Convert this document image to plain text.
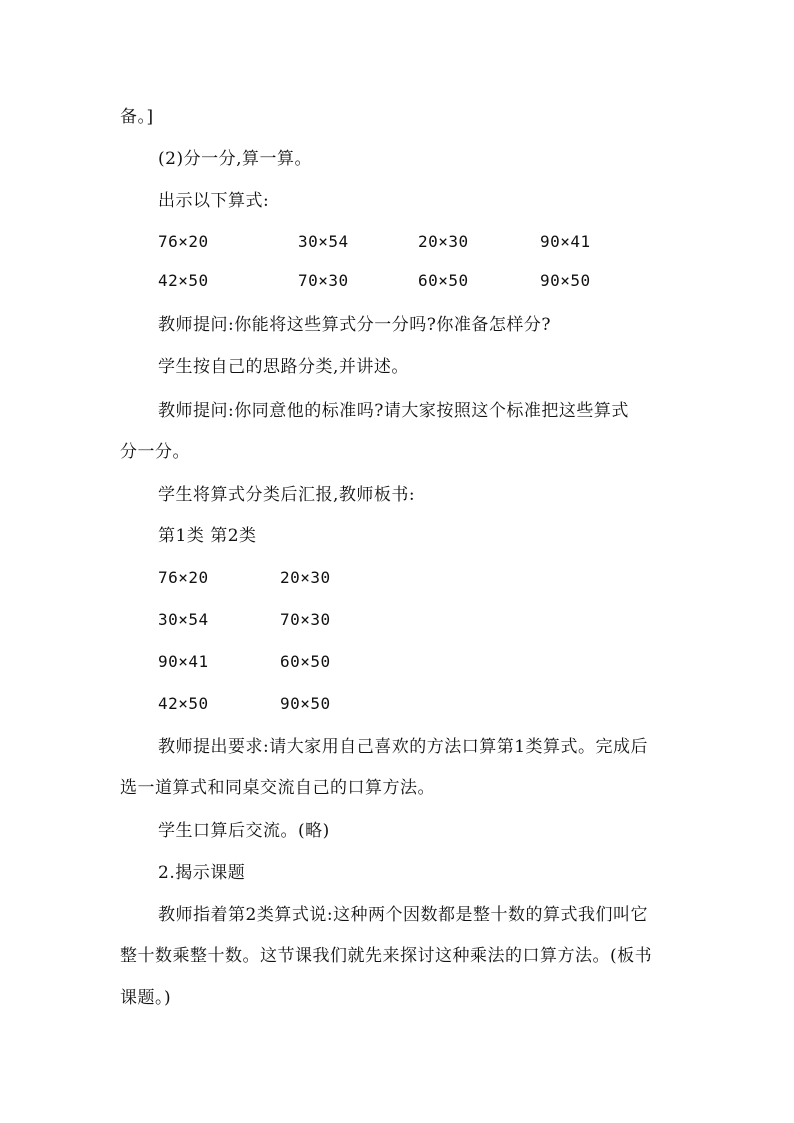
备。]
(2)分一分,算一算。
出示以下算式:
76×20	30×54	20×30	90×41
42×50	70×30	60×50	90×50
教师提问:你能将这些算式分一分吗?你准备怎样分?
学生按自己的思路分类,并讲述。
教师提问:你同意他的标准吗?请大家按照这个标准把这些算式
分一分。
学生将算式分类后汇报,教师板书:
第1类 第2类
76×20	20×30
30×54	70×30
90×41	60×50
42×50	90×50
教师提出要求:请大家用自己喜欢的方法口算第1类算式。完成后
选一道算式和同桌交流自己的口算方法。
学生口算后交流。(略)
2.揭示课题
教师指着第2类算式说:这种两个因数都是整十数的算式我们叫它
整十数乘整十数。这节课我们就先来探讨这种乘法的口算方法。(板书
课题。)
